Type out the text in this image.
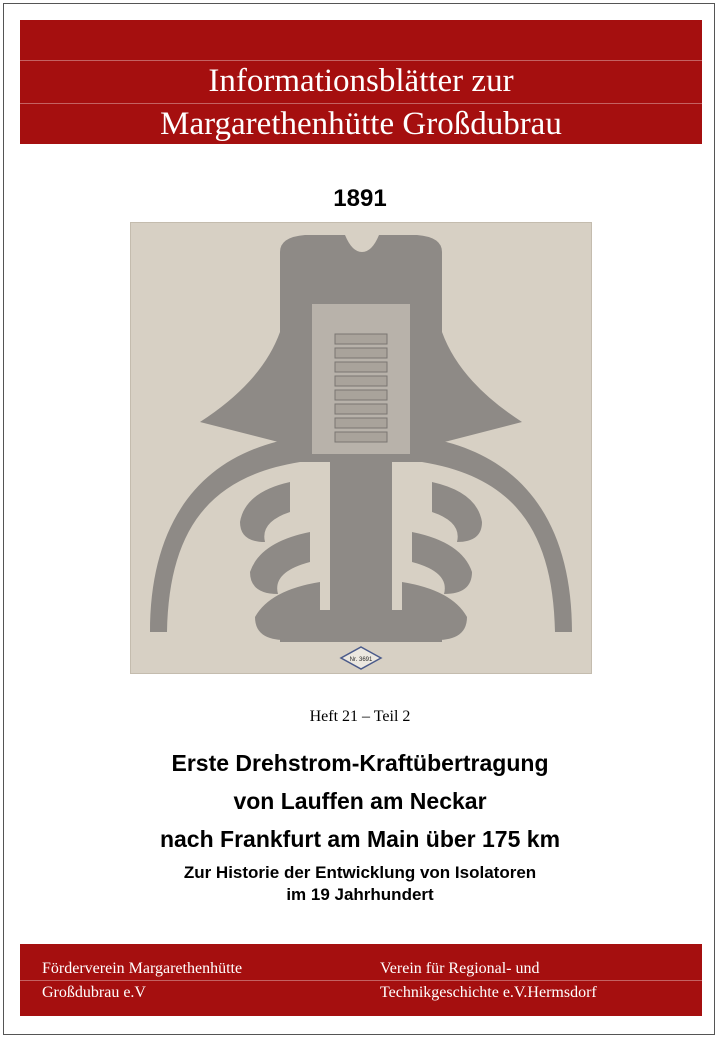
Informationsblätter zur
Margarethenhütte Großdubrau
1891
Nr. 3691
Heft 21 – Teil 2
Erste Drehstrom-Kraftübertragung
von Lauffen am Neckar
nach Frankfurt am Main über 175 km
Zur Historie der Entwicklung von Isolatoren
im 19 Jahrhundert
Förderverein Margarethenhütte
Großdubrau e.V
Verein für Regional- und
Technikgeschichte e.V.Hermsdorf
